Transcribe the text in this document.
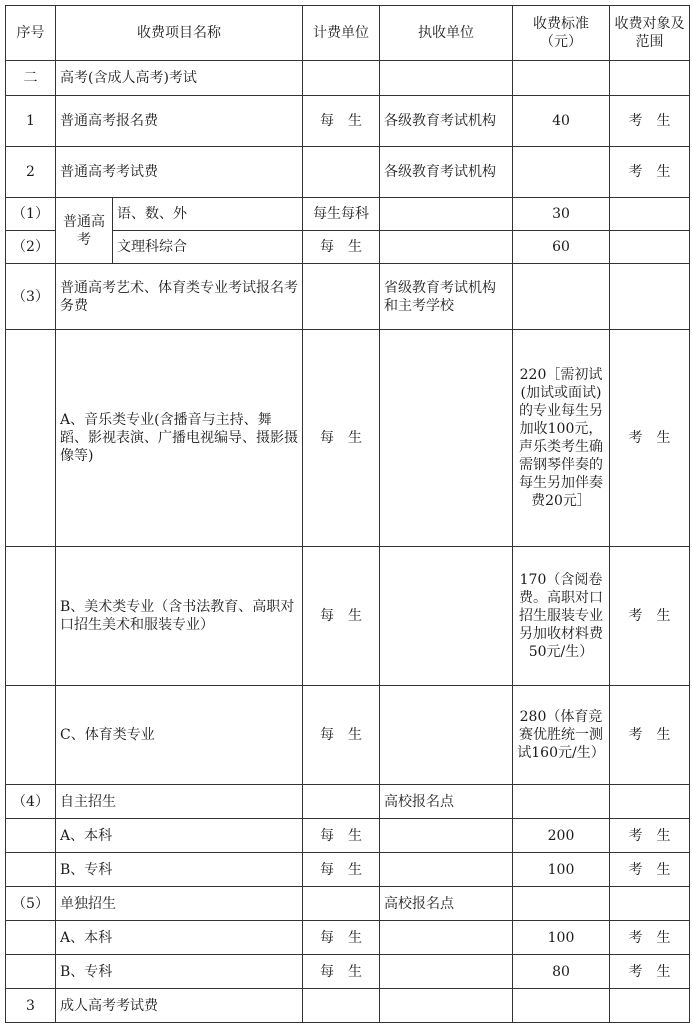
序号	收费项目名称		计费单位	执收单位	收费标准（元）	收费对象及范围
二	高考(含成人高考)考试					
1	普通高考报名费		每　生	各级教育考试机构	40	考　生
2	普通高考考试费			各级教育考试机构		考　生
（1）	普通高考	语、数、外	每生每科		30	
（2）		文理科综合	每　生		60	
（3）	普通高考艺术、体育类专业考试报名考务费			省级教育考试机构和主考学校		
	A、音乐类专业(含播音与主持、舞蹈、影视表演、广播电视编导、摄影摄像等)		每　生		220［需初试(加试或面试)的专业每生另加收100元，声乐类考生确需钢琴伴奏的每生另加伴奏费20元］	考　生
	B、美术类专业（含书法教育、高职对口招生美术和服装专业）		每　生		170（含阅卷费。高职对口招生服装专业另加收材料费50元/生）	考　生
	C、体育类专业		每　生		280（体育竞赛优胜统一测试160元/生）	考　生
（4）	自主招生			高校报名点		
	A、本科		每　生		200	考　生
	B、专科		每　生		100	考　生
（5）	单独招生			高校报名点		
	A、本科		每　生		100	考　生
	B、专科		每　生		80	考　生
3	成人高考考试费					
